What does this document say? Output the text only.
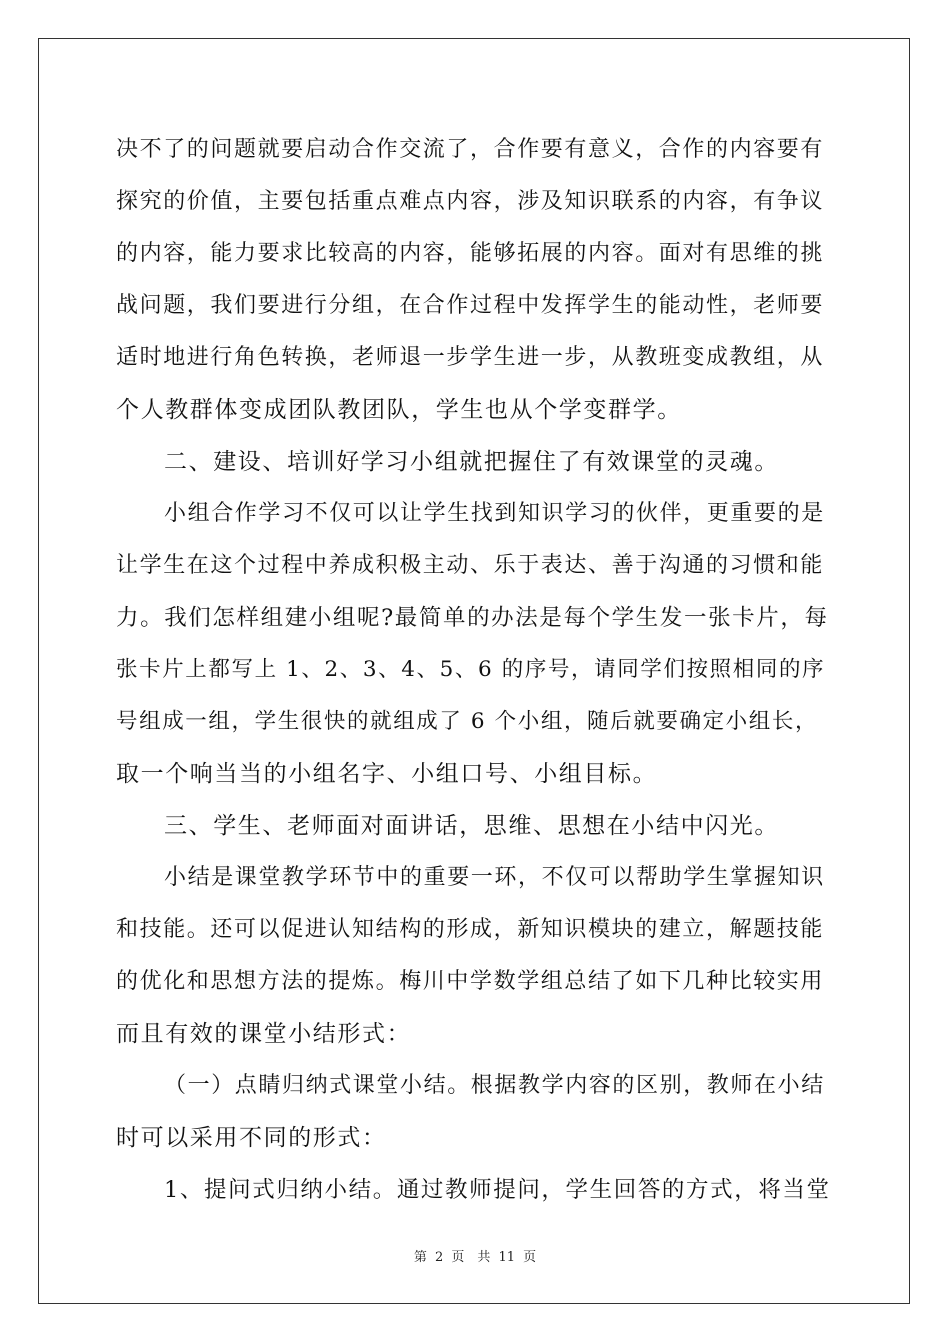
决不了的问题就要启动合作交流了，合作要有意义，合作的内容要有
探究的价值，主要包括重点难点内容，涉及知识联系的内容，有争议
的内容，能力要求比较高的内容，能够拓展的内容。面对有思维的挑
战问题，我们要进行分组，在合作过程中发挥学生的能动性，老师要
适时地进行角色转换，老师退一步学生进一步，从教班变成教组，从
个人教群体变成团队教团队，学生也从个学变群学。
二、建设、培训好学习小组就把握住了有效课堂的灵魂。
小组合作学习不仅可以让学生找到知识学习的伙伴，更重要的是
让学生在这个过程中养成积极主动、乐于表达、善于沟通的习惯和能
力。我们怎样组建小组呢?最简单的办法是每个学生发一张卡片，每
张卡片上都写上 1、2、3、4、5、6 的序号，请同学们按照相同的序
号组成一组，学生很快的就组成了 6 个小组，随后就要确定小组长，
取一个响当当的小组名字、小组口号、小组目标。
三、学生、老师面对面讲话，思维、思想在小结中闪光。
小结是课堂教学环节中的重要一环，不仅可以帮助学生掌握知识
和技能。还可以促进认知结构的形成，新知识模块的建立，解题技能
的优化和思想方法的提炼。梅川中学数学组总结了如下几种比较实用
而且有效的课堂小结形式：
（一）点睛归纳式课堂小结。根据教学内容的区别，教师在小结
时可以采用不同的形式：
1、提问式归纳小结。通过教师提问，学生回答的方式，将当堂
第 2 页　共 11 页
